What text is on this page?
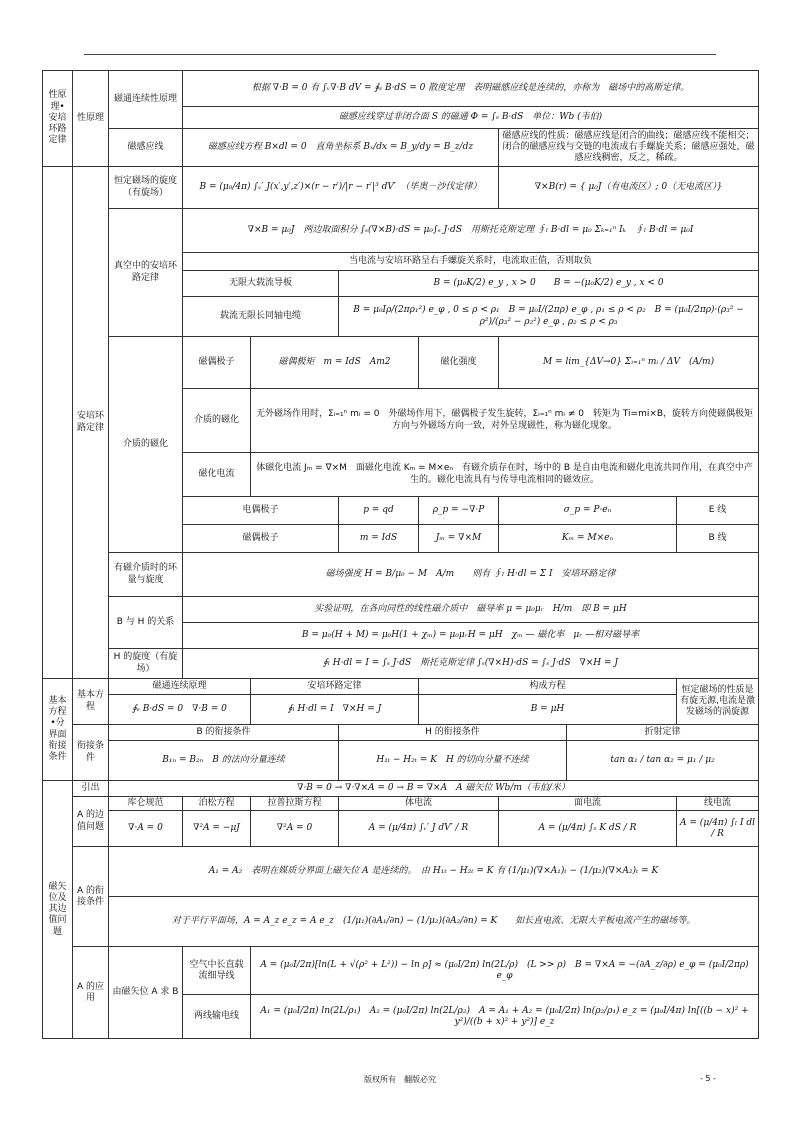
性原理•安培环路定律	性原理	磁通连续性原理	根据 ∇·B = 0 有 ∫ᵥ∇·B dV = ∮ₛ B·dS = 0 散度定理　表明磁感应线是连续的，亦称为　磁场中的高斯定律。						
			磁感应线穿过非闭合面 S 的磁通 Φ = ∫ₛ B·dS　单位：Wb (韦伯)						
		磁感应线	磁感应线方程 B×dl = 0　直角坐标系 Bₓ/dx = B_y/dy = B_z/dz				磁感应线的性质：磁感应线是闭合的曲线；磁感应线不能相交；闭合的磁感应线与交链的电流成右手螺旋关系；磁感应强处，磁感应线稠密，反之，稀疏。		
	安培环路定律	恒定磁场的旋度（有旋场）	B = (μ₀/4π) ∫ᵥ′ J(x′,y′,z′)×(r − r′)/|r − r′|³ dV′　（毕奥－沙伐定律）				∇×B(r) = { μ₀J（有电流区）; 0（无电流区）}		
		真空中的安培环路定律	∇×B = μ₀J　两边取面积分 ∫ₛ(∇×B)·dS = μ₀∫ₛ J·dS　用斯托克斯定理 ∮ₗ B·dl = μ₀ Σₖ₌₁ⁿ Iₖ　∮ₗ B·dl = μ₀I						
			当电流与安培环路呈右手螺旋关系时，电流取正值，否则取负						
			无限大载流导板		B = (μ₀K/2) e_y , x > 0　　B = −(μ₀K/2) e_y , x < 0				
			载流无限长同轴电缆		B = μ₀Iρ/(2πρ₁²) e_φ , 0 ≤ ρ < ρ₁　B = μ₀I/(2πρ) e_φ , ρ₁ ≤ ρ < ρ₂　B = (μ₀I/2πρ)·(ρ₃² − ρ²)/(ρ₃² − ρ₂²) e_φ , ρ₂ ≤ ρ < ρ₃				
		介质的磁化	磁偶极子	磁偶极矩　m = IdS　Am2		磁化强度	M = lim_{ΔV→0} Σᵢ₌₁ⁿ mᵢ / ΔV　(A/m)		
			介质的磁化	无外磁场作用时，Σᵢ₌₁ⁿ mᵢ = 0　外磁场作用下，磁偶极子发生旋转，Σᵢ₌₁ⁿ mᵢ ≠ 0　转矩为 Ti=mi×B，旋转方向使磁偶极矩方向与外磁场方向一致，对外呈现磁性，称为磁化现象。					
			磁化电流	体磁化电流 Jₘ = ∇×M　面磁化电流 Kₘ = M×eₙ　有磁介质存在时，场中的 B 是自由电流和磁化电流共同作用，在真空中产生的。磁化电流具有与传导电流相同的磁效应。					
			电偶极子		p = qd	ρ_p = −∇·P	σ_p = P·eₙ		E 线
			磁偶极子		m = IdS	Jₘ = ∇×M	Kₘ = M×eₙ		B 线
		有磁介质时的环量与旋度	磁场强度 H = B/μ₀ − M　A/m　　则有 ∮ₗ H·dl = Σ I　安培环路定律						
		B 与 H 的关系	实验证明，在各向同性的线性磁介质中　磁导率 μ = μ₀μᵣ　H/m　即 B = μH						
			B = μ₀(H + M) = μ₀H(1 + χₘ) = μ₀μᵣH = μH　χₘ — 磁化率　μᵣ —相对磁导率						
		H 的旋度（有旋场）	∮ₗ H·dl = I = ∫ₛ J·dS　斯托克斯定律 ∫ₛ(∇×H)·dS = ∫ₛ J·dS　∇×H = J						
基本方程•分界面衔接条件	基本方程	磁通连续原理		安培环路定律		构成方程			恒定磁场的性质是有旋无源,电流是激发磁场的涡旋源
		∮ₛ B·dS = 0　∇·B = 0		∮ₗ H·dl = I　∇×H = J		B = μH			
	衔接条件	B 的衔接条件			H 的衔接条件			折射定律	
		B₁ₙ = B₂ₙ　B 的法向分量连续			H₁ₜ − H₂ₜ = K　H 的切向分量不连续			tan α₁ / tan α₂ = μ₁ / μ₂	
磁矢位及其边值问题	引出	∇·B = 0 → ∇·∇×A = 0 → B = ∇×A　A 磁矢位 Wb/m（韦伯/米）							
	A 的边值问题	库仑规范	泊松方程	拉普拉斯方程	体电流		面电流		线电流
		∇·A = 0	∇²A = −μJ	∇²A = 0	A = (μ/4π) ∫ᵥ′ J dV′ / R		A = (μ/4π) ∫ₛ K dS / R		A = (μ/4π) ∫ₗ I dl / R
	A 的衔接条件	A₁ = A₂　表明在媒质分界面上磁矢位 A 是连续的。　由 H₁ₜ − H₂ₜ = K 有 (1/μ₁)(∇×A₁)ₜ − (1/μ₂)(∇×A₂)ₜ = K							
		对于平行平面场，A = A_z e_z = A e_z　(1/μ₁)(∂A₁/∂n) − (1/μ₂)(∂A₂/∂n) = K　　如长直电流、无限大平板电流产生的磁场等。							
	A 的应用	由磁矢位 A 求 B	空气中长直载流细导线	A = (μ₀I/2π)[ln(L + √(ρ² + L²)) − ln ρ] ≈ (μ₀I/2π) ln(2L/ρ)　(L >> ρ)　B = ∇×A = −(∂A_z/∂ρ) e_φ = (μ₀I/2πρ) e_φ					
			两线输电线	A₁ = (μ₀I/2π) ln(2L/ρ₁)　A₂ = (μ₀I/2π) ln(2L/ρ₂)　A = A₁ + A₂ = (μ₀I/2π) ln(ρ₂/ρ₁) e_z = (μ₀I/4π) ln[((b − x)² + y²)/((b + x)² + y²)] e_z					
版权所有　翻版必究	- 5 -
